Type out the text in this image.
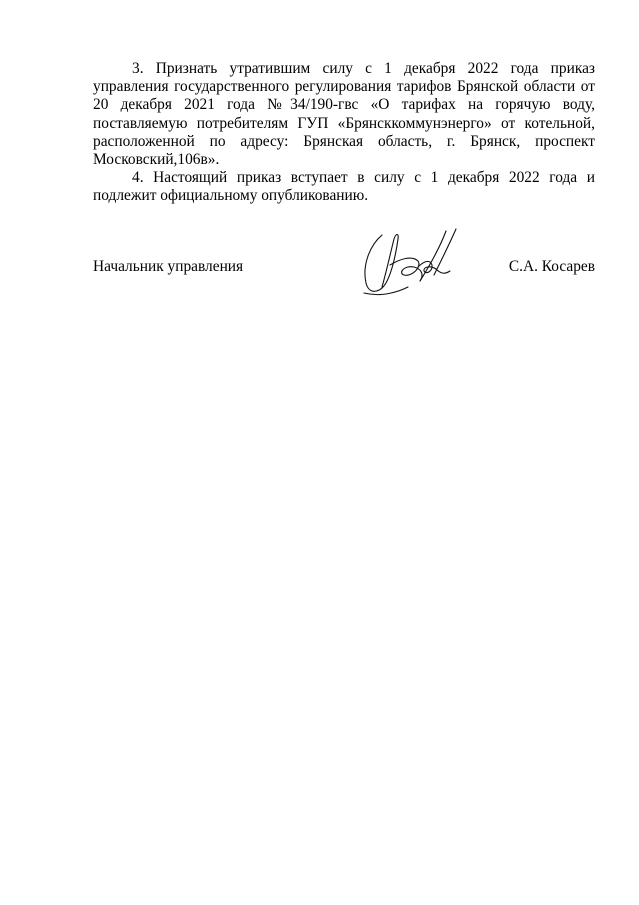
3. Признать утратившим силу с 1 декабря 2022 года приказ управления государственного регулирования тарифов Брянской области от 20 декабря 2021 года №34/190-гвс «О тарифах на горячую воду, поставляемую потребителям ГУП «Брянсккоммунэнерго» от котельной, расположенной по адресу: Брянская область, г. Брянск, проспект Московский,106в».

4. Настоящий приказ вступает в силу с 1 декабря 2022 года и подлежит официальному опубликованию.

Начальник управления	С.А. Косарев
